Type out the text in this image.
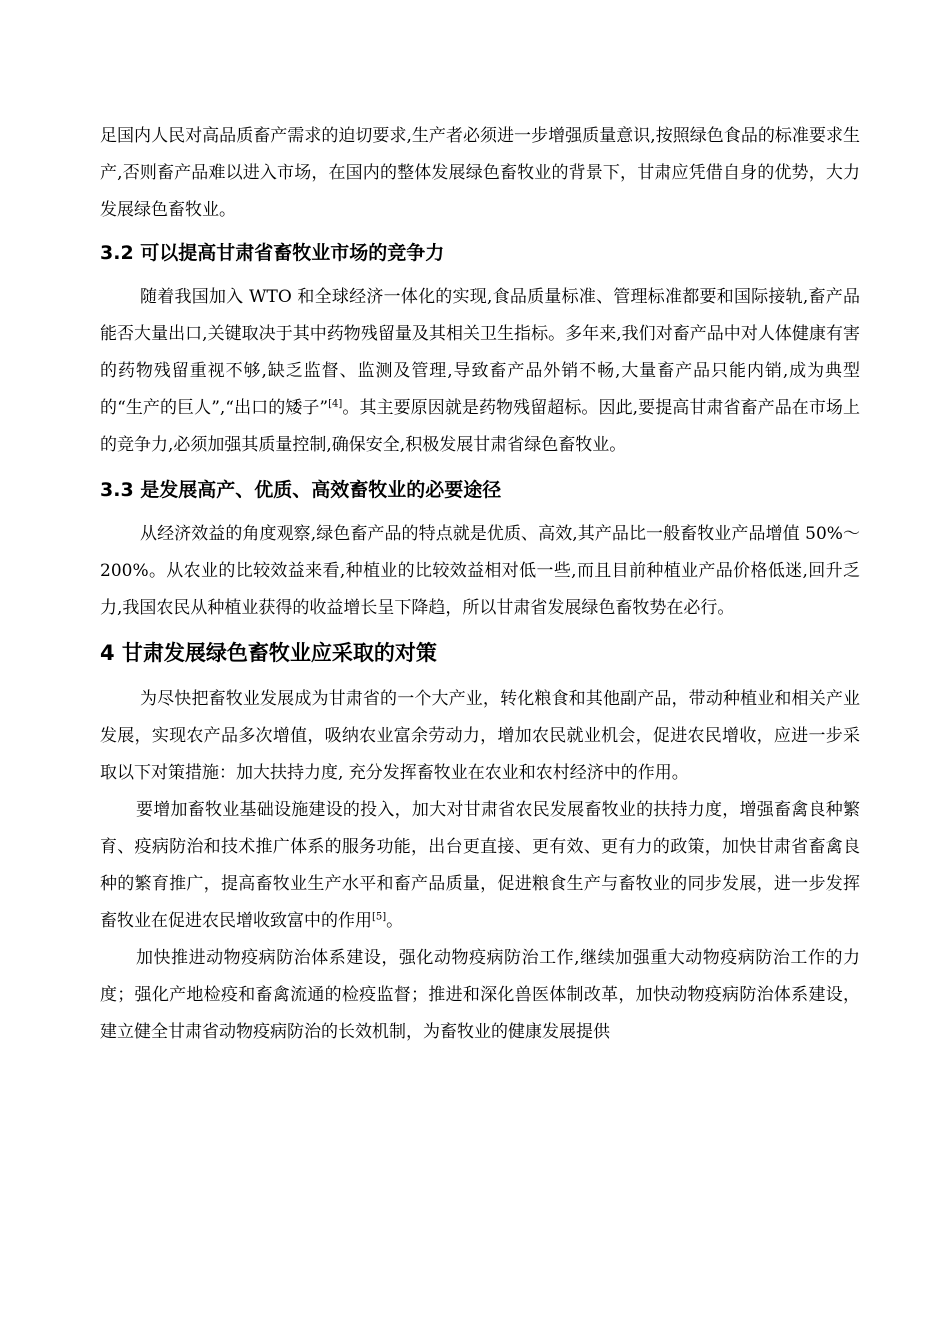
足国内人民对高品质畜产需求的迫切要求,生产者必须进一步增强质量意识,按照绿色食品的标准要求生产,否则畜产品难以进入市场，在国内的整体发展绿色畜牧业的背景下，甘肃应凭借自身的优势，大力发展绿色畜牧业。

3.2 可以提高甘肃省畜牧业市场的竞争力

随着我国加入 WTO 和全球经济一体化的实现,食品质量标准、管理标准都要和国际接轨,畜产品能否大量出口,关键取决于其中药物残留量及其相关卫生指标。多年来,我们对畜产品中对人体健康有害的药物残留重视不够,缺乏监督、监测及管理,导致畜产品外销不畅,大量畜产品只能内销,成为典型的“生产的巨人”,“出口的矮子”[4]。其主要原因就是药物残留超标。因此,要提高甘肃省畜产品在市场上的竞争力,必须加强其质量控制,确保安全,积极发展甘肃省绿色畜牧业。

3.3 是发展高产、优质、高效畜牧业的必要途径

从经济效益的角度观察,绿色畜产品的特点就是优质、高效,其产品比一般畜牧业产品增值 50%～200%。从农业的比较效益来看,种植业的比较效益相对低一些,而且目前种植业产品价格低迷,回升乏力,我国农民从种植业获得的收益增长呈下降趋，所以甘肃省发展绿色畜牧势在必行。

4 甘肃发展绿色畜牧业应采取的对策

为尽快把畜牧业发展成为甘肃省的一个大产业，转化粮食和其他副产品，带动种植业和相关产业发展，实现农产品多次增值，吸纳农业富余劳动力，增加农民就业机会，促进农民增收，应进一步采取以下对策措施：加大扶持力度, 充分发挥畜牧业在农业和农村经济中的作用。

要增加畜牧业基础设施建设的投入，加大对甘肃省农民发展畜牧业的扶持力度，增强畜禽良种繁育、疫病防治和技术推广体系的服务功能，出台更直接、更有效、更有力的政策，加快甘肃省畜禽良种的繁育推广，提高畜牧业生产水平和畜产品质量，促进粮食生产与畜牧业的同步发展，进一步发挥畜牧业在促进农民增收致富中的作用[5]。

加快推进动物疫病防治体系建设，强化动物疫病防治工作,继续加强重大动物疫病防治工作的力度；强化产地检疫和畜禽流通的检疫监督；推进和深化兽医体制改革，加快动物疫病防治体系建设，建立健全甘肃省动物疫病防治的长效机制，为畜牧业的健康发展提供
